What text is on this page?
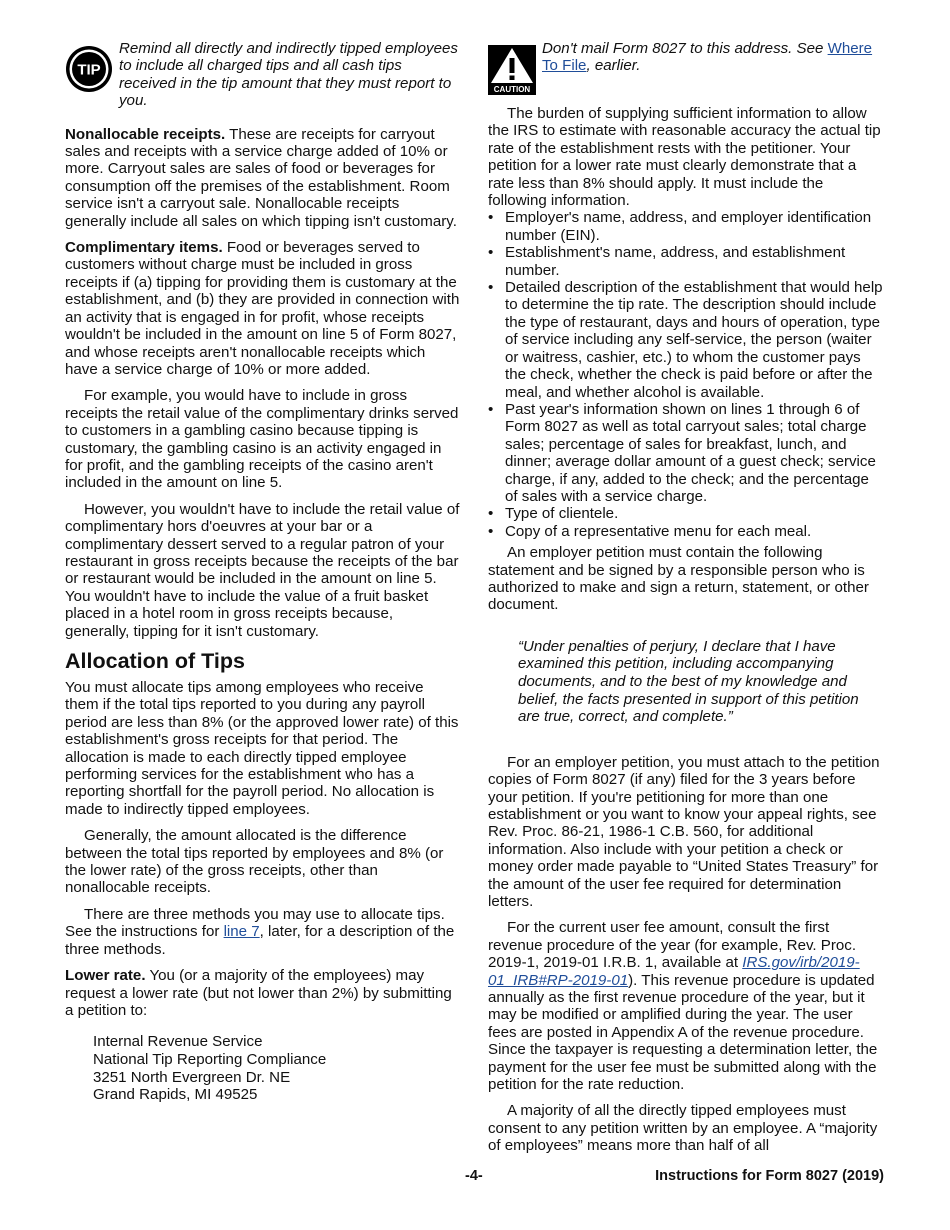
TIP
Remind all directly and indirectly tipped employees to include all charged tips and all cash tips received in the tip amount that they must report to you.

Nonallocable receipts. These are receipts for carryout sales and receipts with a service charge added of 10% or more. Carryout sales are sales of food or beverages for consumption off the premises of the establishment. Room service isn't a carryout sale. Nonallocable receipts generally include all sales on which tipping isn't customary.

Complimentary items. Food or beverages served to customers without charge must be included in gross receipts if (a) tipping for providing them is customary at the establishment, and (b) they are provided in connection with an activity that is engaged in for profit, whose receipts wouldn't be included in the amount on line 5 of Form 8027, and whose receipts aren't nonallocable receipts which have a service charge of 10% or more added.

For example, you would have to include in gross receipts the retail value of the complimentary drinks served to customers in a gambling casino because tipping is customary, the gambling casino is an activity engaged in for profit, and the gambling receipts of the casino aren't included in the amount on line 5.

However, you wouldn't have to include the retail value of complimentary hors d'oeuvres at your bar or a complimentary dessert served to a regular patron of your restaurant in gross receipts because the receipts of the bar or restaurant would be included in the amount on line 5. You wouldn't have to include the value of a fruit basket placed in a hotel room in gross receipts because, generally, tipping for it isn't customary.

Allocation of Tips

You must allocate tips among employees who receive them if the total tips reported to you during any payroll period are less than 8% (or the approved lower rate) of this establishment's gross receipts for that period. The allocation is made to each directly tipped employee performing services for the establishment who has a reporting shortfall for the payroll period. No allocation is made to indirectly tipped employees.

Generally, the amount allocated is the difference between the total tips reported by employees and 8% (or the lower rate) of the gross receipts, other than nonallocable receipts.

There are three methods you may use to allocate tips. See the instructions for line 7, later, for a description of the three methods.

Lower rate. You (or a majority of the employees) may request a lower rate (but not lower than 2%) by submitting a petition to:

Internal Revenue Service
National Tip Reporting Compliance
3251 North Evergreen Dr. NE
Grand Rapids, MI 49525
CAUTION
Don't mail Form 8027 to this address. See Where To File, earlier.

The burden of supplying sufficient information to allow the IRS to estimate with reasonable accuracy the actual tip rate of the establishment rests with the petitioner. Your petition for a lower rate must clearly demonstrate that a rate less than 8% should apply. It must include the following information.

• Employer's name, address, and employer identification number (EIN).

• Establishment's name, address, and establishment number.

• Detailed description of the establishment that would help to determine the tip rate. The description should include the type of restaurant, days and hours of operation, type of service including any self-service, the person (waiter or waitress, cashier, etc.) to whom the customer pays the check, whether the check is paid before or after the meal, and whether alcohol is available.

• Past year's information shown on lines 1 through 6 of Form 8027 as well as total carryout sales; total charge sales; percentage of sales for breakfast, lunch, and dinner; average dollar amount of a guest check; service charge, if any, added to the check; and the percentage of sales with a service charge.

• Type of clientele.

• Copy of a representative menu for each meal.

An employer petition must contain the following statement and be signed by a responsible person who is authorized to make and sign a return, statement, or other document.

“Under penalties of perjury, I declare that I have examined this petition, including accompanying documents, and to the best of my knowledge and belief, the facts presented in support of this petition are true, correct, and complete.”

For an employer petition, you must attach to the petition copies of Form 8027 (if any) filed for the 3 years before your petition. If you're petitioning for more than one establishment or you want to know your appeal rights, see Rev. Proc. 86-21, 1986-1 C.B. 560, for additional information. Also include with your petition a check or money order made payable to “United States Treasury” for the amount of the user fee required for determination letters.

For the current user fee amount, consult the first revenue procedure of the year (for example, Rev. Proc. 2019-1, 2019-01 I.R.B. 1, available at IRS.gov/irb/2019-01_IRB#RP-2019-01). This revenue procedure is updated annually as the first revenue procedure of the year, but it may be modified or amplified during the year. The user fees are posted in Appendix A of the revenue procedure. Since the taxpayer is requesting a determination letter, the payment for the user fee must be submitted along with the petition for the rate reduction.

A majority of all the directly tipped employees must consent to any petition written by an employee. A “majority of employees” means more than half of all

-4-	Instructions for Form 8027 (2019)
